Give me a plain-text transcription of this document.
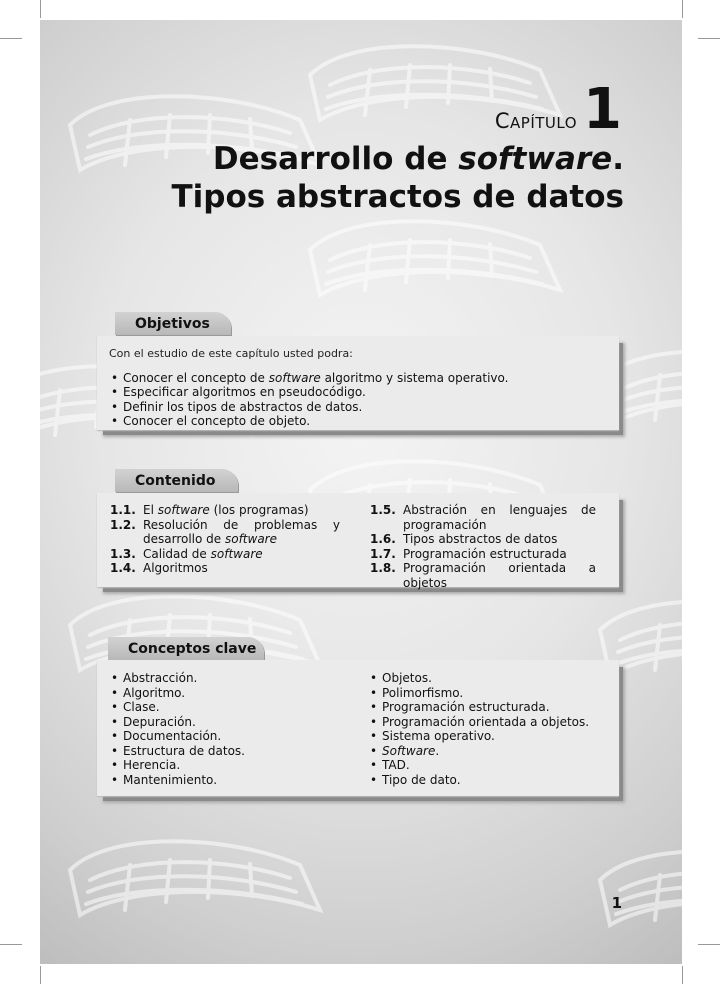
Capítulo 1
Desarrollo de software.
Tipos abstractos de datos
Objetivos
Con el estudio de este capítulo usted podra:
• Conocer el concepto de software algoritmo y sistema operativo.
• Especificar algoritmos en pseudocódigo.
• Definir los tipos de abstractos de datos.
• Conocer el concepto de objeto.
Contenido
1.1. El software (los programas)
1.2. Resolución de problemas y desarrollo de software
1.3. Calidad de software
1.4. Algoritmos
1.5. Abstración en lenguajes de programación
1.6. Tipos abstractos de datos
1.7. Programación estructurada
1.8. Programación orientada a objetos
Conceptos clave
• Abstracción.
• Algoritmo.
• Clase.
• Depuración.
• Documentación.
• Estructura de datos.
• Herencia.
• Mantenimiento.
• Objetos.
• Polimorfismo.
• Programación estructurada.
• Programación orientada a objetos.
• Sistema operativo.
• Software.
• TAD.
• Tipo de dato.
1
